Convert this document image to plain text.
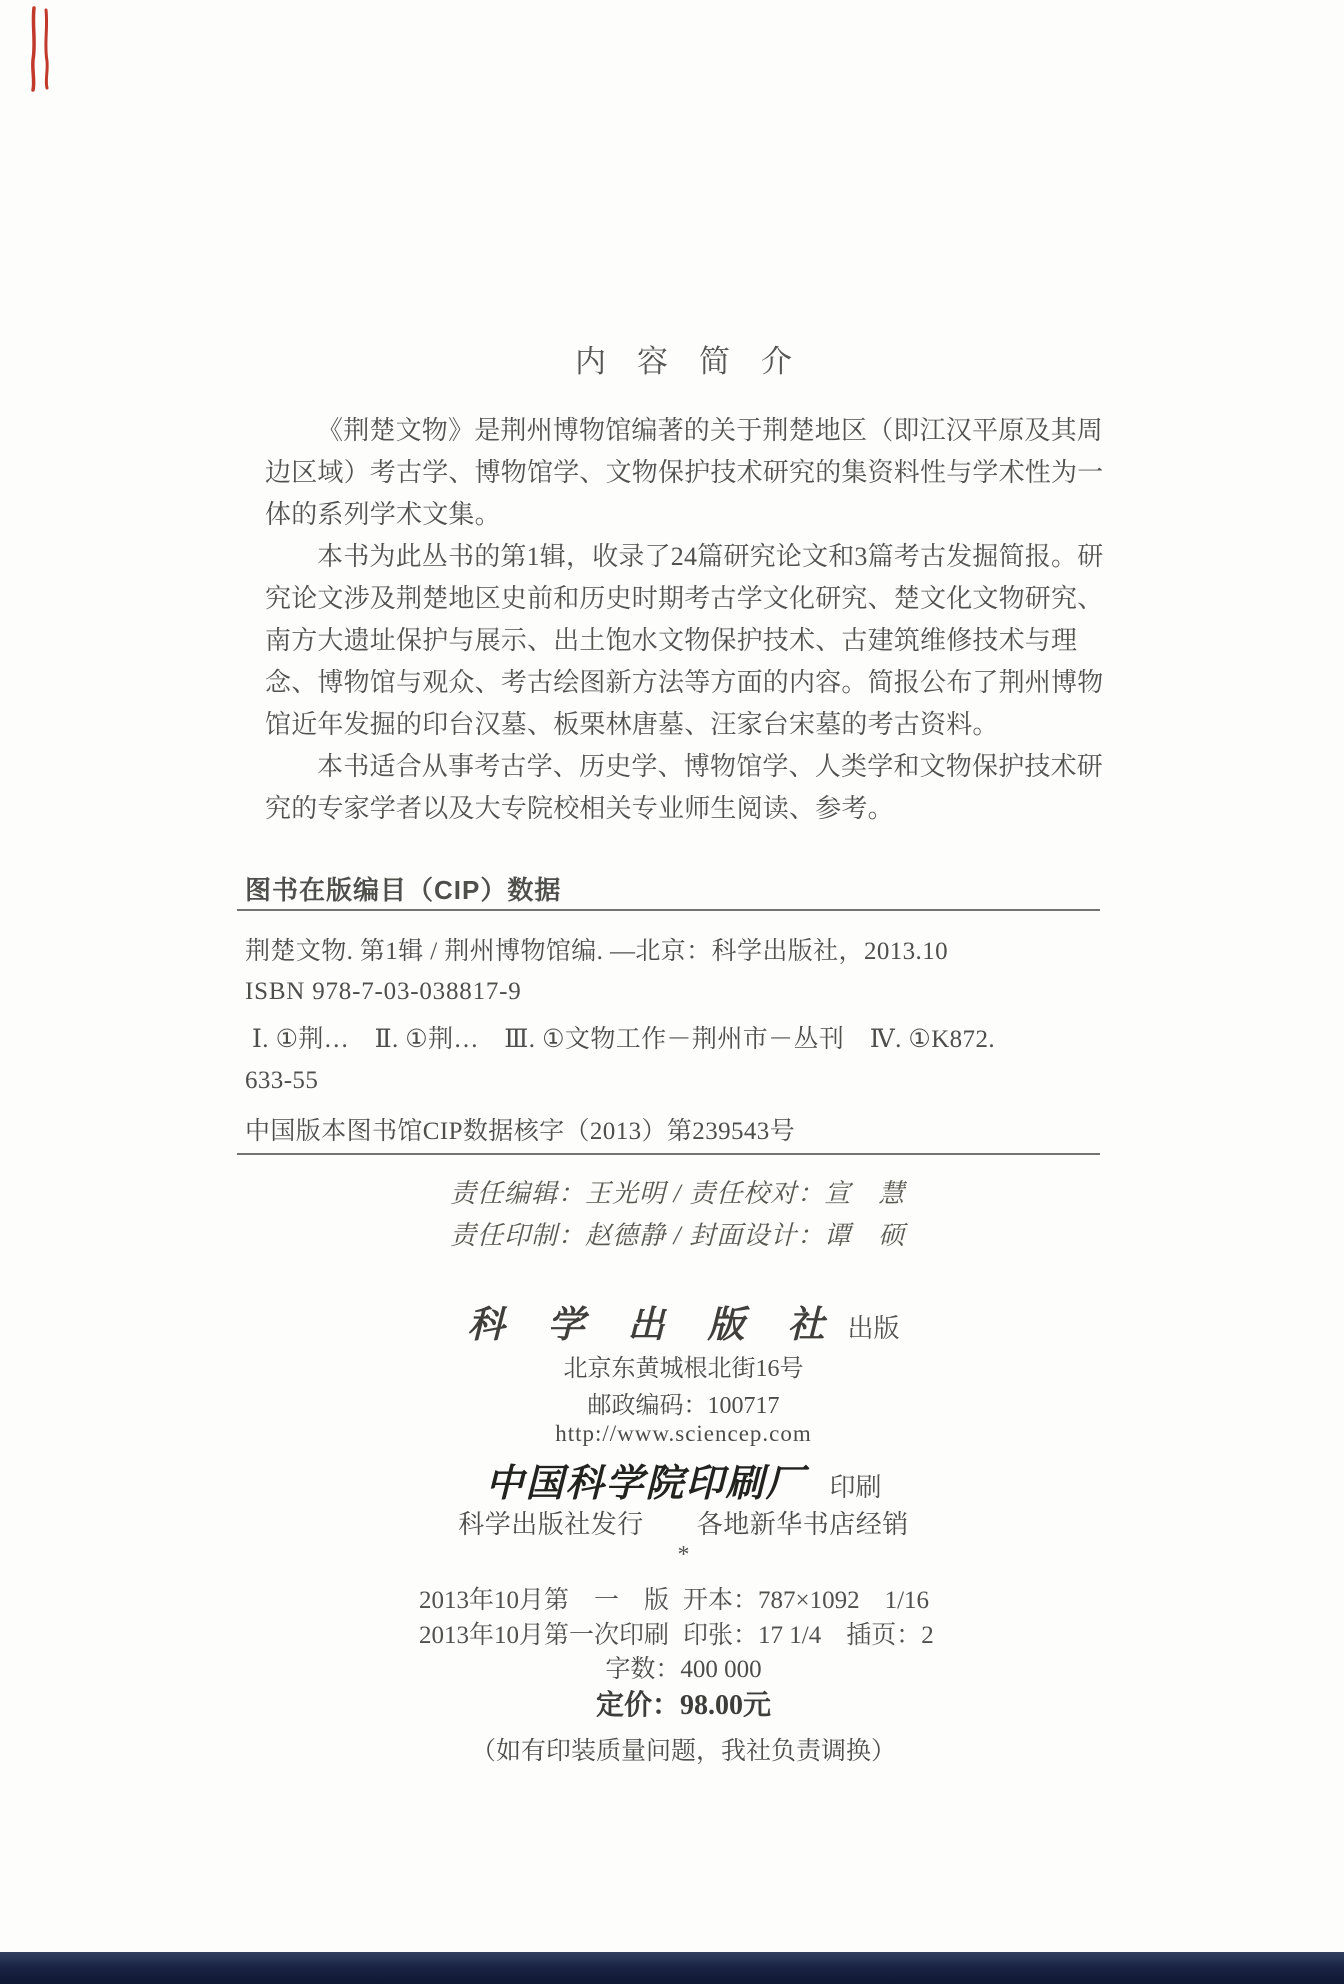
内　容　简　介
《荆楚文物》是荆州博物馆编著的关于荆楚地区（即江汉平原及其周
边区域）考古学、博物馆学、文物保护技术研究的集资料性与学术性为一
体的系列学术文集。
本书为此丛书的第1辑，收录了24篇研究论文和3篇考古发掘简报。研
究论文涉及荆楚地区史前和历史时期考古学文化研究、楚文化文物研究、
南方大遗址保护与展示、出土饱水文物保护技术、古建筑维修技术与理
念、博物馆与观众、考古绘图新方法等方面的内容。简报公布了荆州博物
馆近年发掘的印台汉墓、板栗林唐墓、汪家台宋墓的考古资料。
本书适合从事考古学、历史学、博物馆学、人类学和文物保护技术研
究的专家学者以及大专院校相关专业师生阅读、参考。
图书在版编目（CIP）数据
荆楚文物. 第1辑 / 荆州博物馆编. —北京：科学出版社，2013.10
ISBN 978-7-03-038817-9
Ⅰ. ①荆…　Ⅱ. ①荆…　Ⅲ. ①文物工作－荆州市－丛刊　Ⅳ. ①K872.
633-55
中国版本图书馆CIP数据核字（2013）第239543号
责任编辑：王光明 / 责任校对：宣　慧
责任印制：赵德静 / 封面设计：谭　硕
科　学　出　版　社 出版
北京东黄城根北街16号
邮政编码：100717
http://www.sciencep.com
中国科学院印刷厂 印刷
科学出版社发行　　各地新华书店经销
*
2013年10月第　一　版 开本：787×1092　1/16
2013年10月第一次印刷 印张：17 1/4　插页：2
字数：400 000
定价：98.00元
（如有印装质量问题，我社负责调换）
